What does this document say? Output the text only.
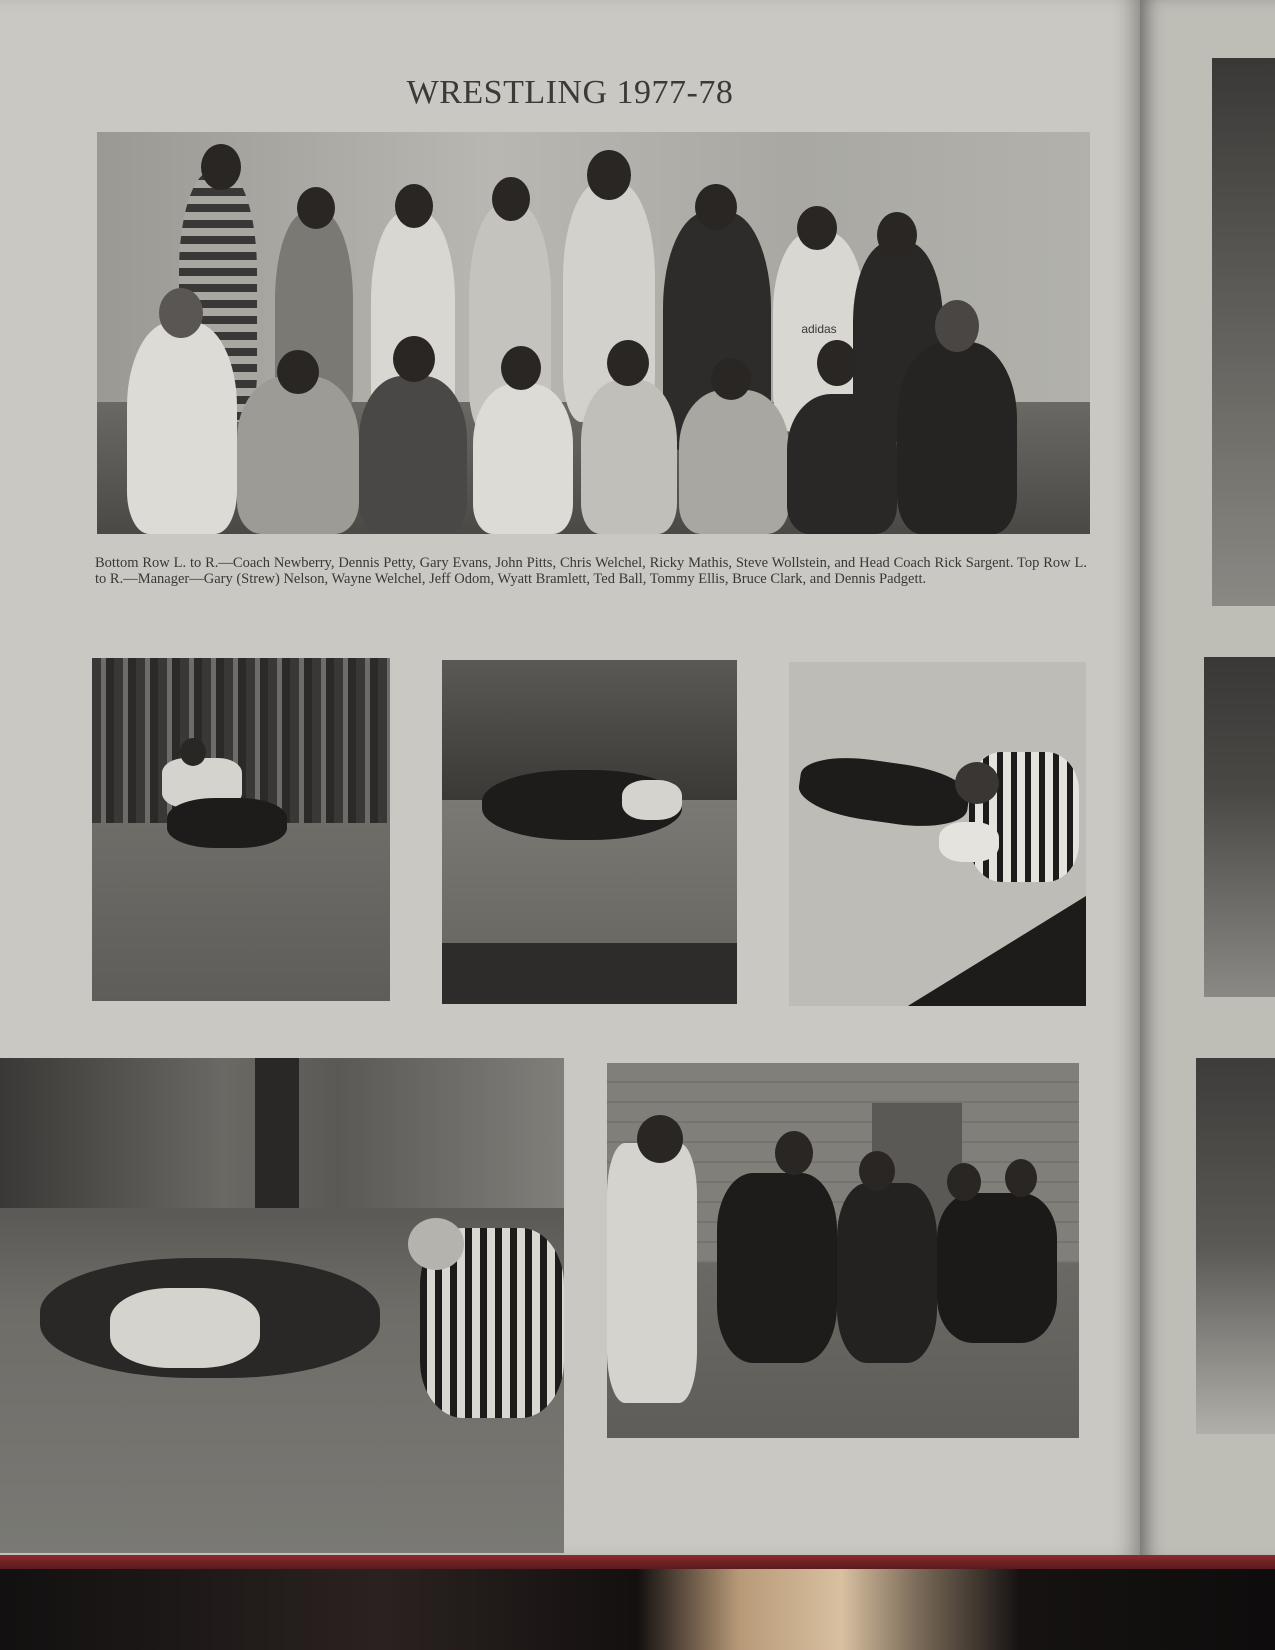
WRESTLING 1977-78
adidas
Bottom Row L. to R.—Coach Newberry, Dennis Petty, Gary Evans, John Pitts, Chris Welchel, Ricky Mathis, Steve Wollstein, and Head Coach Rick Sargent. Top Row L. to R.—Manager—Gary (Strew) Nelson, Wayne Welchel, Jeff Odom, Wyatt Bramlett, Ted Ball, Tommy Ellis, Bruce Clark, and Dennis Padgett.
